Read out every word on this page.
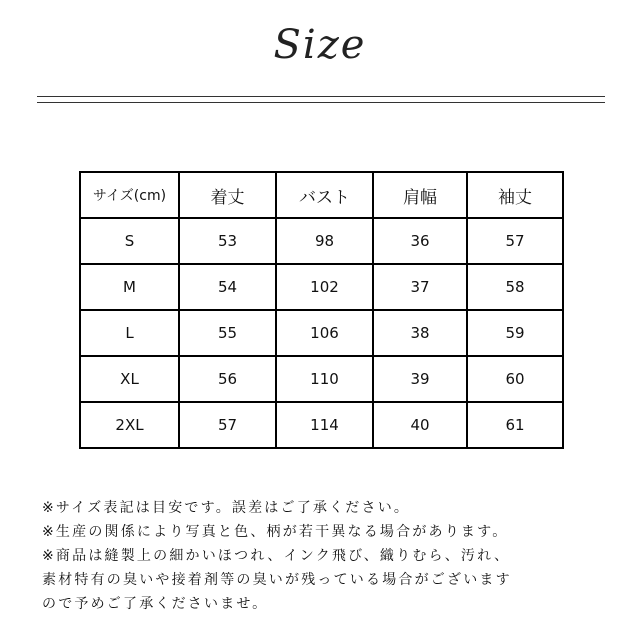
Size
サイズ(cm)	着丈	バスト	肩幅	袖丈
S	53	98	36	57
M	54	102	37	58
L	55	106	38	59
XL	56	110	39	60
2XL	57	114	40	61
※サイズ表記は目安です。誤差はご了承ください。
※生産の関係により写真と色、柄が若干異なる場合があります。
※商品は縫製上の細かいほつれ、インク飛び、織りむら、汚れ、
素材特有の臭いや接着剤等の臭いが残っている場合がございます
ので予めご了承くださいませ。
